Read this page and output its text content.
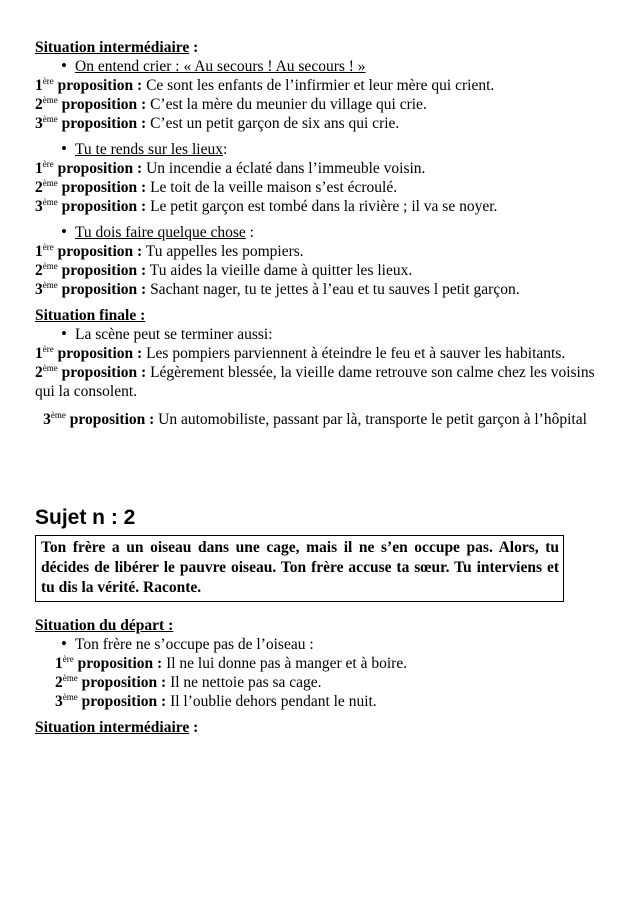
Situation intermédiaire :
• On entend crier : « Au secours ! Au secours ! »
1ère proposition : Ce sont les enfants de l’infirmier et leur mère qui crient.
2ème proposition : C’est la mère du meunier du village qui crie.
3ème proposition : C’est un petit garçon de six ans qui crie.
• Tu te rends sur les lieux:
1ère proposition : Un incendie a éclaté dans l’immeuble voisin.
2ème proposition : Le toit de la veille maison s’est écroulé.
3ème proposition : Le petit garçon est tombé dans la rivière ; il va se noyer.
• Tu dois faire quelque chose :
1ère proposition : Tu appelles les pompiers.
2ème proposition : Tu aides la vieille dame à quitter les lieux.
3ème proposition : Sachant nager, tu te jettes à l’eau et tu sauves l petit garçon.
Situation finale :
• La scène peut se terminer aussi:
1ère proposition : Les pompiers parviennent à éteindre le feu et à sauver les habitants.
2ème proposition : Légèrement blessée, la vieille dame retrouve son calme chez les voisins qui la consolent.
3ème proposition : Un automobiliste, passant par là, transporte le petit garçon à l’hôpital
Sujet n : 2
Ton frère a un oiseau dans une cage, mais il ne s’en occupe pas. Alors, tu décides de libérer le pauvre oiseau. Ton frère accuse ta sœur. Tu interviens et tu dis la vérité. Raconte.
Situation du départ :
• Ton frère ne s’occupe pas de l’oiseau :
1ère proposition : Il ne lui donne pas à manger et à boire.
2ème proposition : Il ne nettoie pas sa cage.
3ème proposition : Il l’oublie dehors pendant le nuit.
Situation intermédiaire :
